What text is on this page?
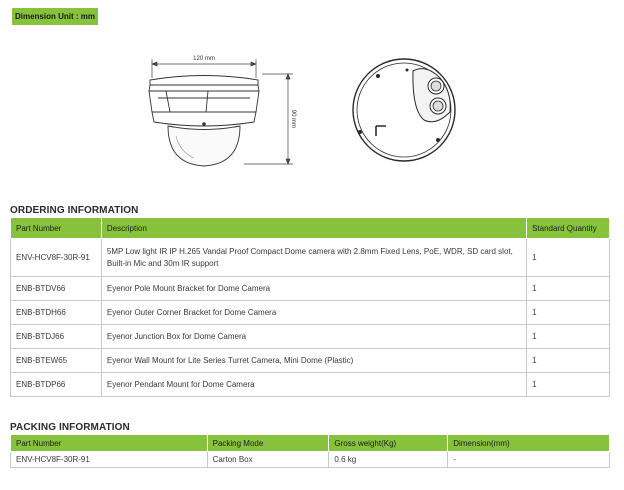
Dimension Unit : mm
120 mm
90 mm
ORDERING INFORMATION
Part Number	Description	Standard Quantity
ENV-HCV8F-30R-91	5MP Low light IR IP H.265 Vandal Proof Compact Dome camera with 2.8mm Fixed Lens, PoE, WDR, SD card slot, Built-in Mic and 30m IR support	1
ENB-BTDV66	Eyenor Pole Mount Bracket for Dome Camera	1
ENB-BTDH66	Eyenor Outer Corner Bracket for Dome Camera	1
ENB-BTDJ66	Eyenor Junction Box for Dome Camera	1
ENB-BTEW65	Eyenor Wall Mount for Lite Series Turret Camera, Mini Dome (Plastic)	1
ENB-BTDP66	Eyenor Pendant Mount for Dome Camera	1
PACKING INFORMATION
Part Number	Packing Mode	Gross weight(Kg)	Dimension(mm)
ENV-HCV8F-30R-91	Carton Box	0.6 kg	-
